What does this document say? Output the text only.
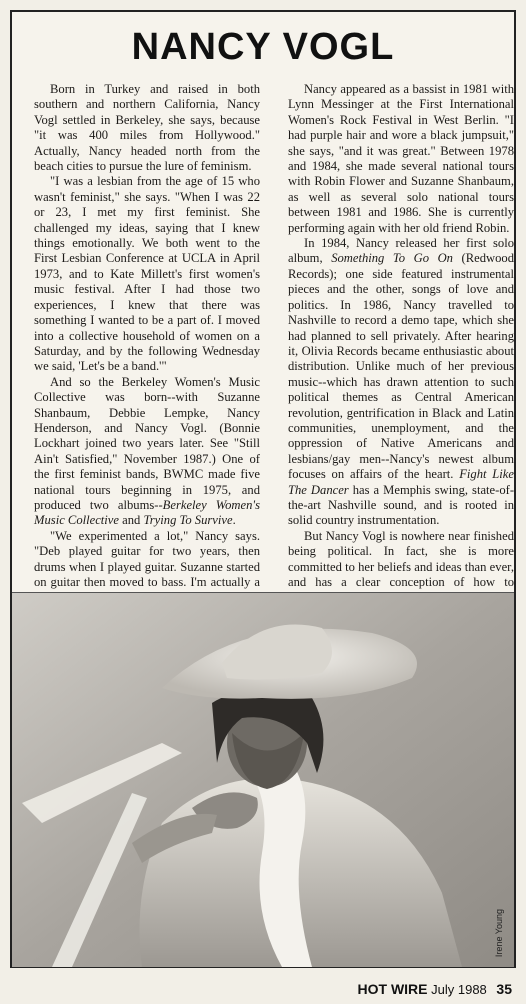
NANCY VOGL

Born in Turkey and raised in both southern and northern California, Nancy Vogl settled in Berkeley, she says, because "it was 400 miles from Hollywood." Actually, Nancy headed north from the beach cities to pursue the lure of feminism.

"I was a lesbian from the age of 15 who wasn't feminist," she says. "When I was 22 or 23, I met my first feminist. She challenged my ideas, saying that I knew things emotionally. We both went to the First Lesbian Conference at UCLA in April 1973, and to Kate Millett's first women's music festival. After I had those two experiences, I knew that there was something I wanted to be a part of. I moved into a collective household of women on a Saturday, and by the following Wednesday we said, 'Let's be a band.'"

And so the Berkeley Women's Music Collective was born--with Suzanne Shanbaum, Debbie Lempke, Nancy Henderson, and Nancy Vogl. (Bonnie Lockhart joined two years later. See "Still Ain't Satisfied," November 1987.) One of the first feminist bands, BWMC made five national tours beginning in 1975, and produced two albums--Berkeley Women's Music Collective and Trying To Survive.

"We experimented a lot," Nancy says. "Deb played guitar for two years, then drums when I played guitar. Suzanne started on guitar then moved to bass. I'm actually a

Nancy appeared as a bassist in 1981 with Lynn Messinger at the First International Women's Rock Festival in West Berlin. "I had purple hair and wore a black jumpsuit," she says, "and it was great." Between 1978 and 1984, she made several national tours with Robin Flower and Suzanne Shanbaum, as well as several solo national tours between 1981 and 1986. She is currently performing again with her old friend Robin.

In 1984, Nancy released her first solo album, Something To Go On (Redwood Records); one side featured instrumental pieces and the other, songs of love and politics. In 1986, Nancy travelled to Nashville to record a demo tape, which she had planned to sell privately. After hearing it, Olivia Records became enthusiastic about distribution. Unlike much of her previous music--which has drawn attention to such political themes as Central American revolution, gentrification in Black and Latin communities, unemployment, and the oppression of Native Americans and lesbians/gay men--Nancy's newest album focuses on affairs of the heart. Fight Like The Dancer has a Memphis swing, state-of-the-art Nashville sound, and is rooted in solid country instrumentation.

But Nancy Vogl is nowhere near finished being political. In fact, she is more committed to her beliefs and ideas than ever, and has a clear conception of how to

Irene Young
HOT WIRE July 1988 35
